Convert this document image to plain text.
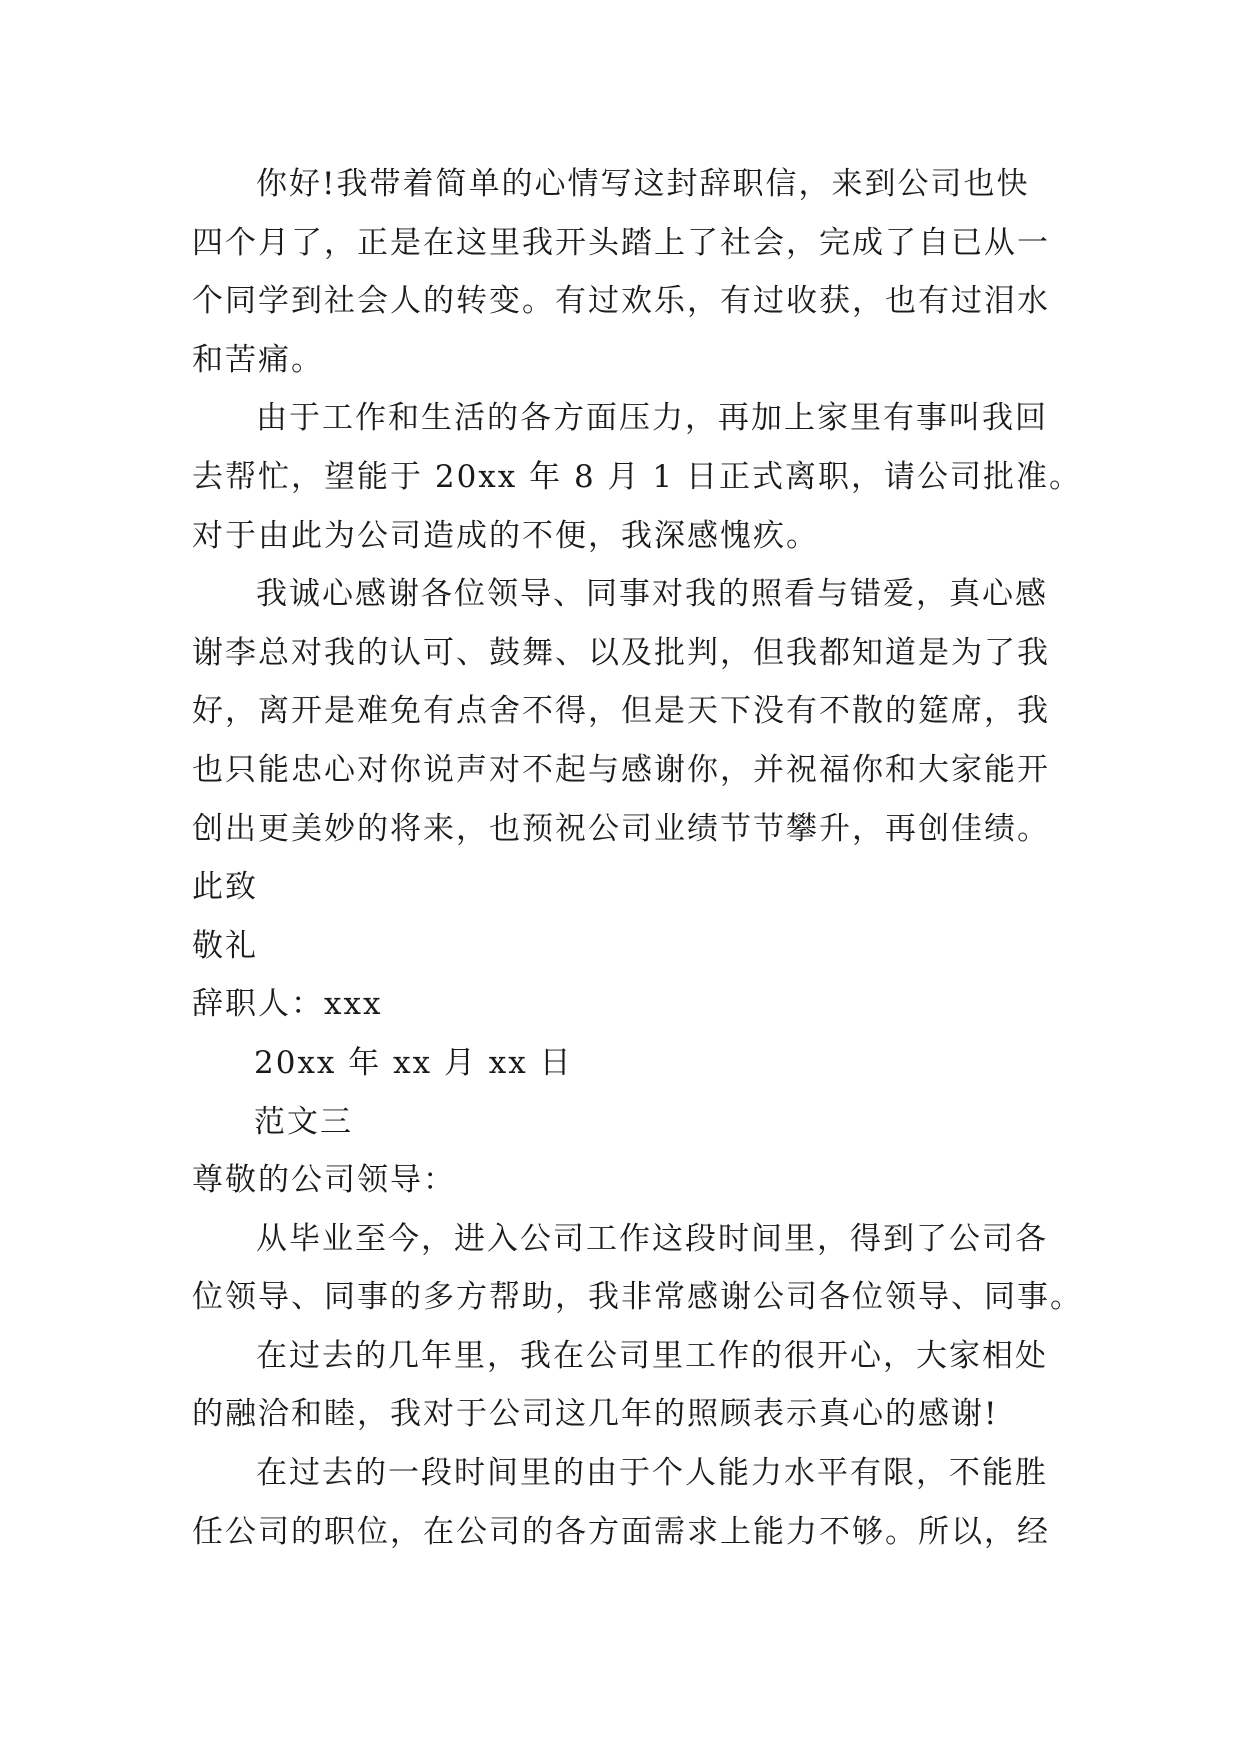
你好!我带着简单的心情写这封辞职信，来到公司也快
四个月了，正是在这里我开头踏上了社会，完成了自已从一
个同学到社会人的转变。有过欢乐，有过收获，也有过泪水
和苦痛。
由于工作和生活的各方面压力，再加上家里有事叫我回
去帮忙，望能于 20xx 年 8 月 1 日正式离职，请公司批准。
对于由此为公司造成的不便，我深感愧疚。
我诚心感谢各位领导、同事对我的照看与错爱，真心感
谢李总对我的认可、鼓舞、以及批判，但我都知道是为了我
好，离开是难免有点舍不得，但是天下没有不散的筵席，我
也只能忠心对你说声对不起与感谢你，并祝福你和大家能开
创出更美妙的将来，也预祝公司业绩节节攀升，再创佳绩。
此致
敬礼
辞职人：xxx
20xx 年 xx 月 xx 日
范文三
尊敬的公司领导：
从毕业至今，进入公司工作这段时间里，得到了公司各
位领导、同事的多方帮助，我非常感谢公司各位领导、同事。
在过去的几年里，我在公司里工作的很开心，大家相处
的融洽和睦，我对于公司这几年的照顾表示真心的感谢!
在过去的一段时间里的由于个人能力水平有限，不能胜
任公司的职位，在公司的各方面需求上能力不够。所以，经
